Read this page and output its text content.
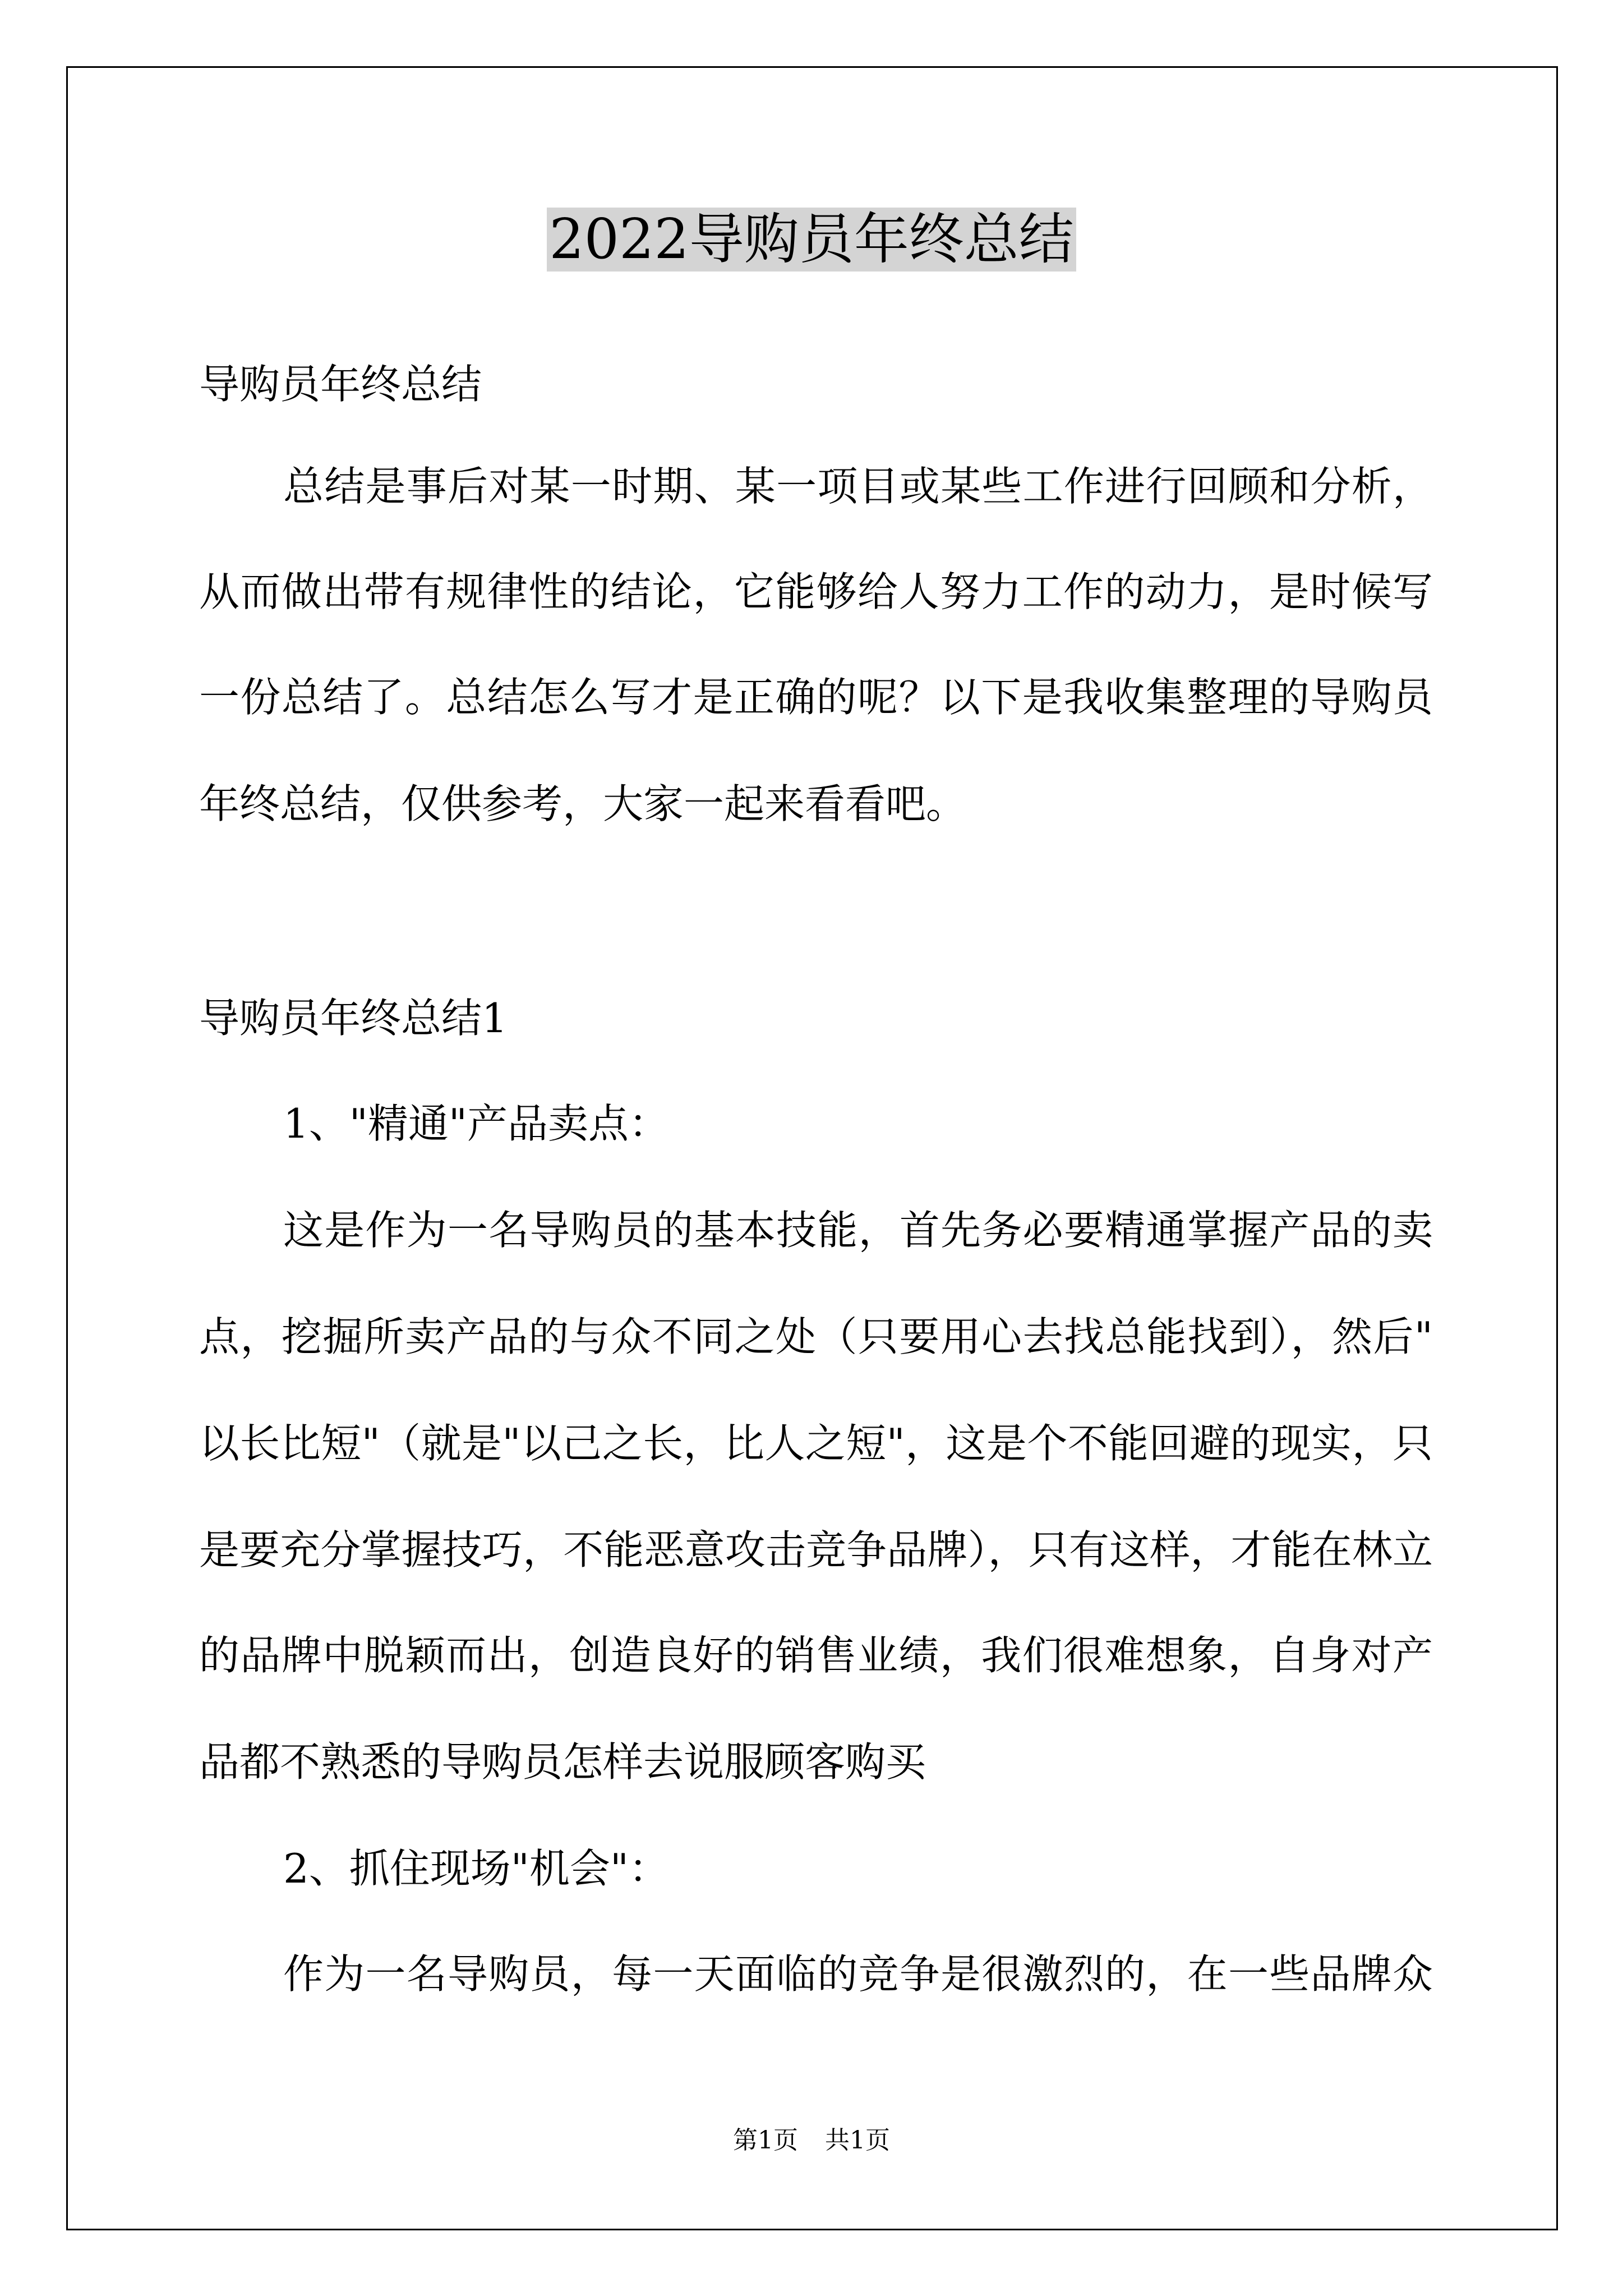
2022导购员年终总结
导购员年终总结
总结是事后对某一时期、某一项目或某些工作进行回顾和分析，
从而做出带有规律性的结论，它能够给人努力工作的动力，是时候写
一份总结了。总结怎么写才是正确的呢？以下是我收集整理的导购员
年终总结，仅供参考，大家一起来看看吧。
导购员年终总结1
1、"精通"产品卖点：
这是作为一名导购员的基本技能，首先务必要精通掌握产品的卖
点，挖掘所卖产品的与众不同之处（只要用心去找总能找到），然后"
以长比短"（就是"以己之长，比人之短"，这是个不能回避的现实，只
是要充分掌握技巧，不能恶意攻击竞争品牌），只有这样，才能在林立
的品牌中脱颖而出，创造良好的销售业绩，我们很难想象，自身对产
品都不熟悉的导购员怎样去说服顾客购买
2、抓住现场"机会"：
作为一名导购员，每一天面临的竞争是很激烈的，在一些品牌众
第1页 共1页
